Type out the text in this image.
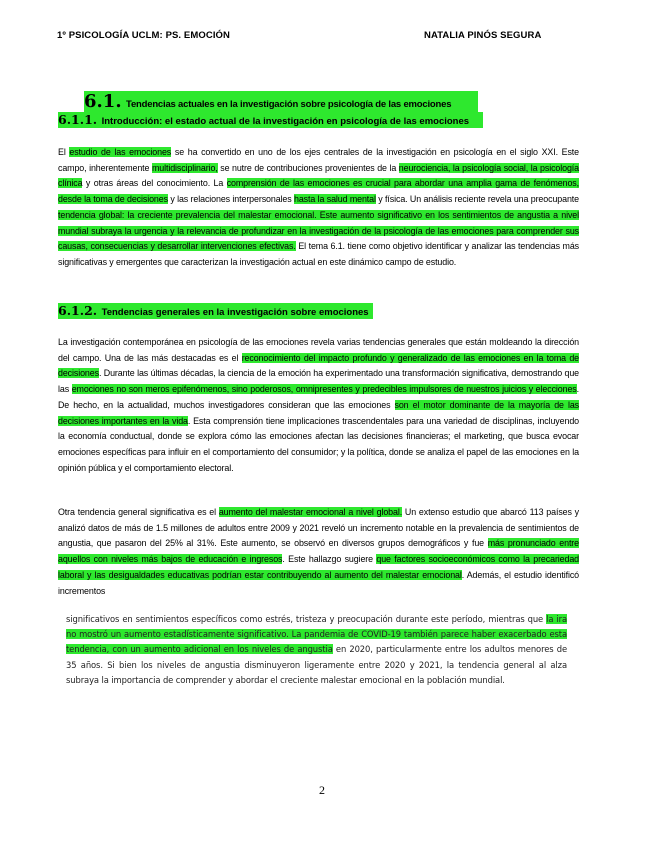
1º PSICOLOGÍA UCLM: PS. EMOCIÓN	NATALIA PINÓS SEGURA
6.1. Tendencias actuales en la investigación sobre psicología de las emociones
6.1.1. Introducción: el estado actual de la investigación en psicología de las emociones
El estudio de las emociones se ha convertido en uno de los ejes centrales de la investigación en psicología en el siglo XXI. Este campo, inherentemente multidisciplinario, se nutre de contribuciones provenientes de la neurociencia, la psicología social, la psicología clínica y otras áreas del conocimiento. La comprensión de las emociones es crucial para abordar una amplia gama de fenómenos, desde la toma de decisiones y las relaciones interpersonales hasta la salud mental y física. Un análisis reciente revela una preocupante tendencia global: la creciente prevalencia del malestar emocional. Este aumento significativo en los sentimientos de angustia a nivel mundial subraya la urgencia y la relevancia de profundizar en la investigación de la psicología de las emociones para comprender sus causas, consecuencias y desarrollar intervenciones efectivas. El tema 6.1. tiene como objetivo identificar y analizar las tendencias más significativas y emergentes que caracterizan la investigación actual en este dinámico campo de estudio.
6.1.2. Tendencias generales en la investigación sobre emociones
La investigación contemporánea en psicología de las emociones revela varias tendencias generales que están moldeando la dirección del campo. Una de las más destacadas es el reconocimiento del impacto profundo y generalizado de las emociones en la toma de decisiones. Durante las últimas décadas, la ciencia de la emoción ha experimentado una transformación significativa, demostrando que las emociones no son meros epifenómenos, sino poderosos, omnipresentes y predecibles impulsores de nuestros juicios y elecciones. De hecho, en la actualidad, muchos investigadores consideran que las emociones son el motor dominante de la mayoría de las decisiones importantes en la vida. Esta comprensión tiene implicaciones trascendentales para una variedad de disciplinas, incluyendo la economía conductual, donde se explora cómo las emociones afectan las decisiones financieras; el marketing, que busca evocar emociones específicas para influir en el comportamiento del consumidor; y la política, donde se analiza el papel de las emociones en la opinión pública y el comportamiento electoral.
Otra tendencia general significativa es el aumento del malestar emocional a nivel global. Un extenso estudio que abarcó 113 países y analizó datos de más de 1.5 millones de adultos entre 2009 y 2021 reveló un incremento notable en la prevalencia de sentimientos de angustia, que pasaron del 25% al 31%. Este aumento, se observó en diversos grupos demográficos y fue más pronunciado entre aquellos con niveles más bajos de educación e ingresos. Este hallazgo sugiere que factores socioeconómicos como la precariedad laboral y las desigualdades educativas podrían estar contribuyendo al aumento del malestar emocional. Además, el estudio identificó incrementos
significativos en sentimientos específicos como estrés, tristeza y preocupación durante este período, mientras que la ira no mostró un aumento estadísticamente significativo. La pandemia de COVID-19 también parece haber exacerbado esta tendencia, con un aumento adicional en los niveles de angustia en 2020, particularmente entre los adultos menores de 35 años. Si bien los niveles de angustia disminuyeron ligeramente entre 2020 y 2021, la tendencia general al alza subraya la importancia de comprender y abordar el creciente malestar emocional en la población mundial.
2
